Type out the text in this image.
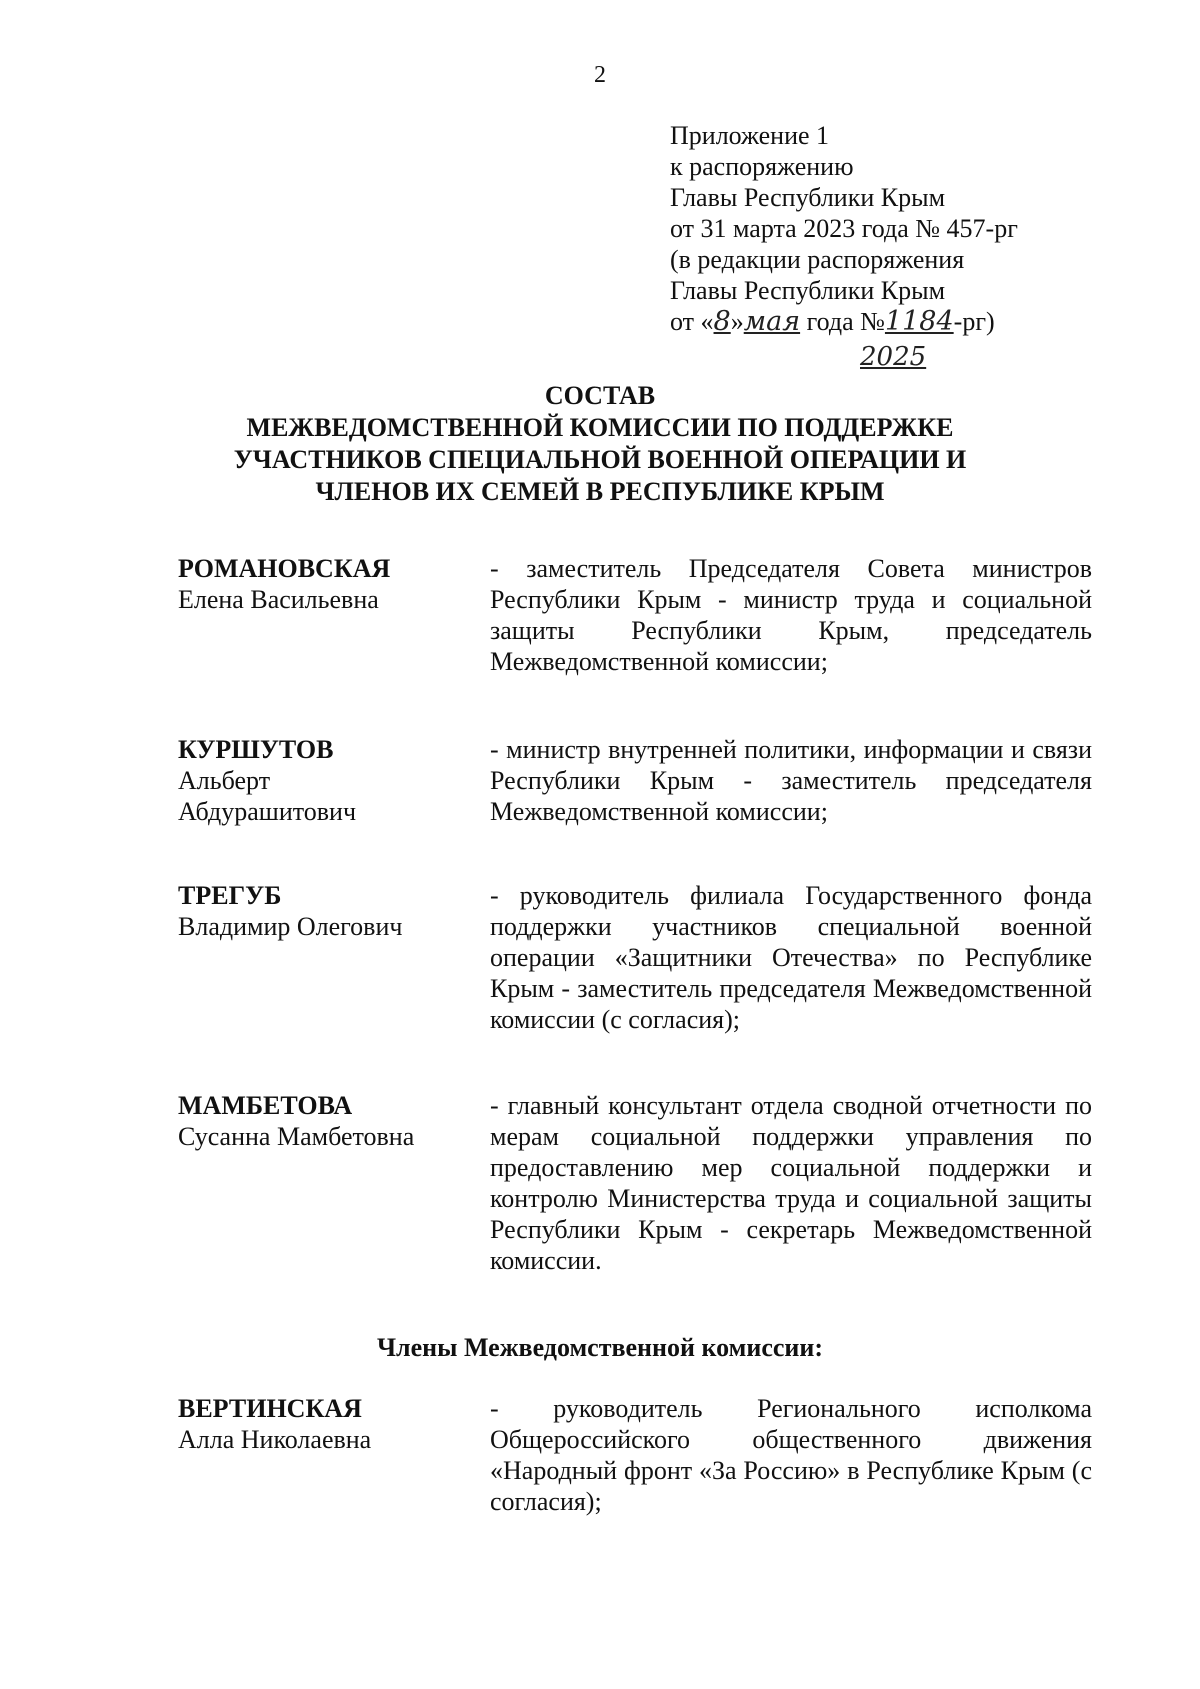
2
Приложение 1
к распоряжению
Главы Республики Крым
от 31 марта 2023 года № 457-рг
(в редакции распоряжения
Главы Республики Крым
от «8»мая года №1184-рг)
2025
СОСТАВ
МЕЖВЕДОМСТВЕННОЙ КОМИССИИ ПО ПОДДЕРЖКЕ
УЧАСТНИКОВ СПЕЦИАЛЬНОЙ ВОЕННОЙ ОПЕРАЦИИ И
ЧЛЕНОВ ИХ СЕМЕЙ В РЕСПУБЛИКЕ КРЫМ
РОМАНОВСКАЯ
Елена Васильевна
- заместитель Председателя Совета министров Республики Крым - министр труда и социальной защиты Республики Крым, председатель Межведомственной комиссии;
КУРШУТОВ
Альберт
Абдурашитович
- министр внутренней политики, информации и связи Республики Крым - заместитель председателя Межведомственной комиссии;
ТРЕГУБ
Владимир Олегович
- руководитель филиала Государственного фонда поддержки участников специальной военной операции «Защитники Отечества» по Республике Крым - заместитель председателя Межведомственной комиссии (с согласия);
МАМБЕТОВА
Сусанна Мамбетовна
- главный консультант отдела сводной отчетности по мерам социальной поддержки управления по предоставлению мер социальной поддержки и контролю Министерства труда и социальной защиты Республики Крым - секретарь Межведомственной комиссии.
Члены Межведомственной комиссии:
ВЕРТИНСКАЯ
Алла Николаевна
- руководитель Регионального исполкома Общероссийского общественного движения «Народный фронт «За Россию» в Республике Крым (с согласия);
